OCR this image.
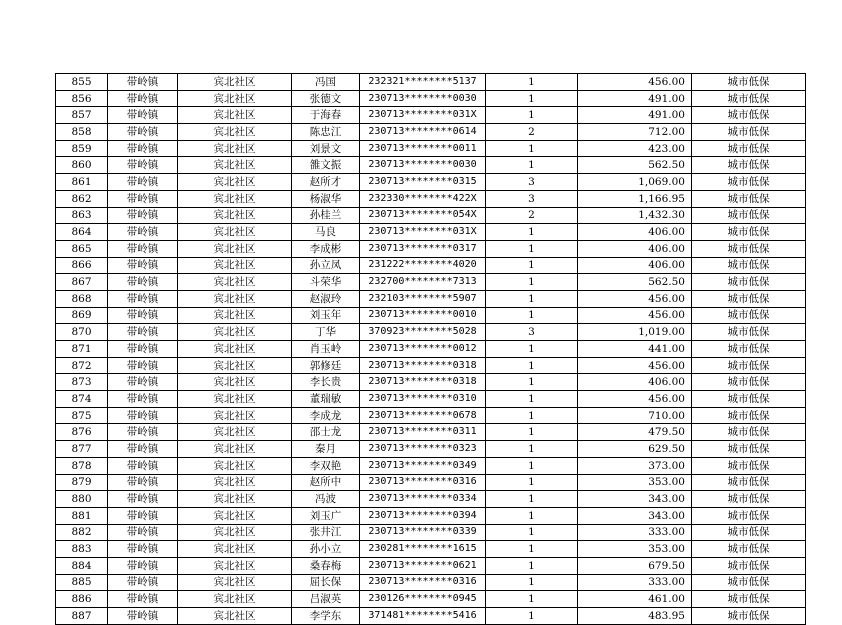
855	带岭镇	宾北社区	冯国	232321********5137	1	456.00	城市低保
856	带岭镇	宾北社区	张德文	230713********0030	1	491.00	城市低保
857	带岭镇	宾北社区	于海春	230713********031X	1	491.00	城市低保
858	带岭镇	宾北社区	陈忠江	230713********0614	2	712.00	城市低保
859	带岭镇	宾北社区	刘景文	230713********0011	1	423.00	城市低保
860	带岭镇	宾北社区	雒文振	230713********0030	1	562.50	城市低保
861	带岭镇	宾北社区	赵所才	230713********0315	3	1,069.00	城市低保
862	带岭镇	宾北社区	杨淑华	232330********422X	3	1,166.95	城市低保
863	带岭镇	宾北社区	孙桂兰	230713********054X	2	1,432.30	城市低保
864	带岭镇	宾北社区	马良	230713********031X	1	406.00	城市低保
865	带岭镇	宾北社区	李成彬	230713********0317	1	406.00	城市低保
866	带岭镇	宾北社区	孙立凤	231222********4020	1	406.00	城市低保
867	带岭镇	宾北社区	斗荣华	232700********7313	1	562.50	城市低保
868	带岭镇	宾北社区	赵淑玲	232103********5907	1	456.00	城市低保
869	带岭镇	宾北社区	刘玉年	230713********0010	1	456.00	城市低保
870	带岭镇	宾北社区	丁华	370923********5028	3	1,019.00	城市低保
871	带岭镇	宾北社区	肖玉岭	230713********0012	1	441.00	城市低保
872	带岭镇	宾北社区	郭修廷	230713********0318	1	456.00	城市低保
873	带岭镇	宾北社区	李长贵	230713********0318	1	406.00	城市低保
874	带岭镇	宾北社区	董瑞敏	230713********0310	1	456.00	城市低保
875	带岭镇	宾北社区	李成龙	230713********0678	1	710.00	城市低保
876	带岭镇	宾北社区	邵士龙	230713********0311	1	479.50	城市低保
877	带岭镇	宾北社区	秦月	230713********0323	1	629.50	城市低保
878	带岭镇	宾北社区	李双艳	230713********0349	1	373.00	城市低保
879	带岭镇	宾北社区	赵所中	230713********0316	1	353.00	城市低保
880	带岭镇	宾北社区	冯波	230713********0334	1	343.00	城市低保
881	带岭镇	宾北社区	刘玉广	230713********0394	1	343.00	城市低保
882	带岭镇	宾北社区	张井江	230713********0339	1	333.00	城市低保
883	带岭镇	宾北社区	孙小立	230281********1615	1	353.00	城市低保
884	带岭镇	宾北社区	桑春梅	230713********0621	1	679.50	城市低保
885	带岭镇	宾北社区	屈长保	230713********0316	1	333.00	城市低保
886	带岭镇	宾北社区	吕淑英	230126********0945	1	461.00	城市低保
887	带岭镇	宾北社区	李学东	371481********5416	1	483.95	城市低保
